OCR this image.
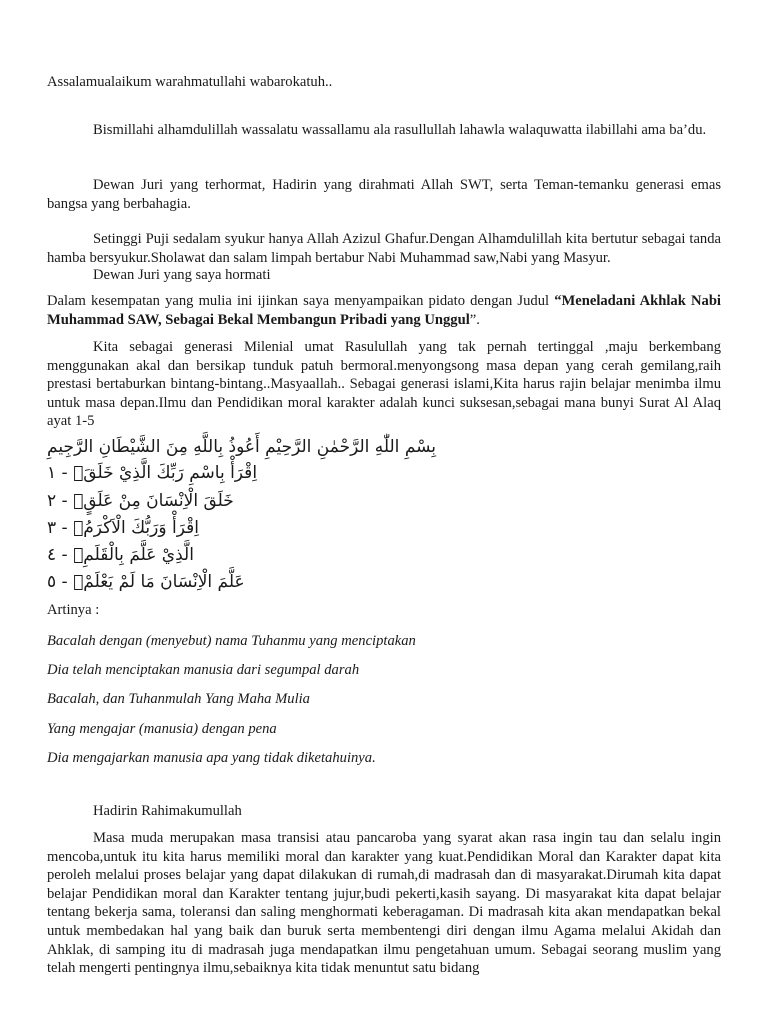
Assalamualaikum warahmatullahi wabarokatuh..

Bismillahi alhamdulillah wassalatu wassallamu ala rasullullah lahawla walaquwatta ilabillahi ama ba’du.

Dewan Juri yang terhormat, Hadirin yang dirahmati Allah SWT, serta Teman-temanku generasi emas bangsa yang berbahagia.

Setinggi Puji sedalam syukur hanya Allah Azizul Ghafur.Dengan Alhamdulillah kita bertutur sebagai tanda hamba bersyukur.Sholawat dan salam limpah bertabur Nabi Muhammad saw,Nabi yang Masyur.

Dewan Juri yang saya hormati

Dalam kesempatan yang mulia ini ijinkan saya menyampaikan pidato dengan Judul “Meneladani Akhlak Nabi Muhammad SAW, Sebagai Bekal Membangun Pribadi yang Unggul”.

Kita sebagai generasi Milenial umat Rasulullah yang tak pernah tertinggal ,maju berkembang menggunakan akal dan bersikap tunduk patuh bermoral.menyongsong masa depan yang cerah gemilang,raih prestasi bertaburkan bintang-bintang..Masyaallah.. Sebagai generasi islami,Kita harus rajin belajar menimba ilmu untuk masa depan.Ilmu dan Pendidikan moral karakter adalah kunci suksesan,sebagai mana bunyi Surat Al Alaq ayat 1-5

بِسْمِ اللّٰهِ الرَّحْمٰنِ الرَّحِيْمِ أَعُوذُ بِاللَّهِ مِنَ الشَّيْطَانِ الرَّجِيمِ

اِقْرَأْ بِاسْمِ رَبِّكَ الَّذِيْ خَلَقَۚ - ١

خَلَقَ الْاِنْسَانَ مِنْ عَلَقٍۚ - ٢

اِقْرَأْ وَرَبُّكَ الْاَكْرَمُۙ - ٣

الَّذِيْ عَلَّمَ بِالْقَلَمِۙ - ٤

عَلَّمَ الْاِنْسَانَ مَا لَمْ يَعْلَمْۗ - ٥

Artinya :

Bacalah dengan (menyebut) nama Tuhanmu yang menciptakan

Dia telah menciptakan manusia dari segumpal darah

Bacalah, dan Tuhanmulah Yang Maha Mulia

Yang mengajar (manusia) dengan pena

Dia mengajarkan manusia apa yang tidak diketahuinya.

Hadirin Rahimakumullah

Masa muda merupakan masa transisi atau pancaroba yang syarat akan rasa ingin tau dan selalu ingin mencoba,untuk itu kita harus memiliki moral dan karakter yang kuat.Pendidikan Moral dan Karakter dapat kita peroleh melalui proses belajar yang dapat dilakukan di rumah,di madrasah dan di masyarakat.Dirumah kita dapat belajar Pendidikan moral dan Karakter tentang jujur,budi pekerti,kasih sayang. Di masyarakat kita dapat belajar tentang bekerja sama, toleransi dan saling menghormati keberagaman. Di madrasah kita akan mendapatkan bekal untuk membedakan hal yang baik dan buruk serta membentengi diri dengan ilmu Agama melalui Akidah dan Ahklak, di samping itu di madrasah juga mendapatkan ilmu pengetahuan umum. Sebagai seorang muslim yang telah mengerti pentingnya ilmu,sebaiknya kita tidak menuntut satu bidang
